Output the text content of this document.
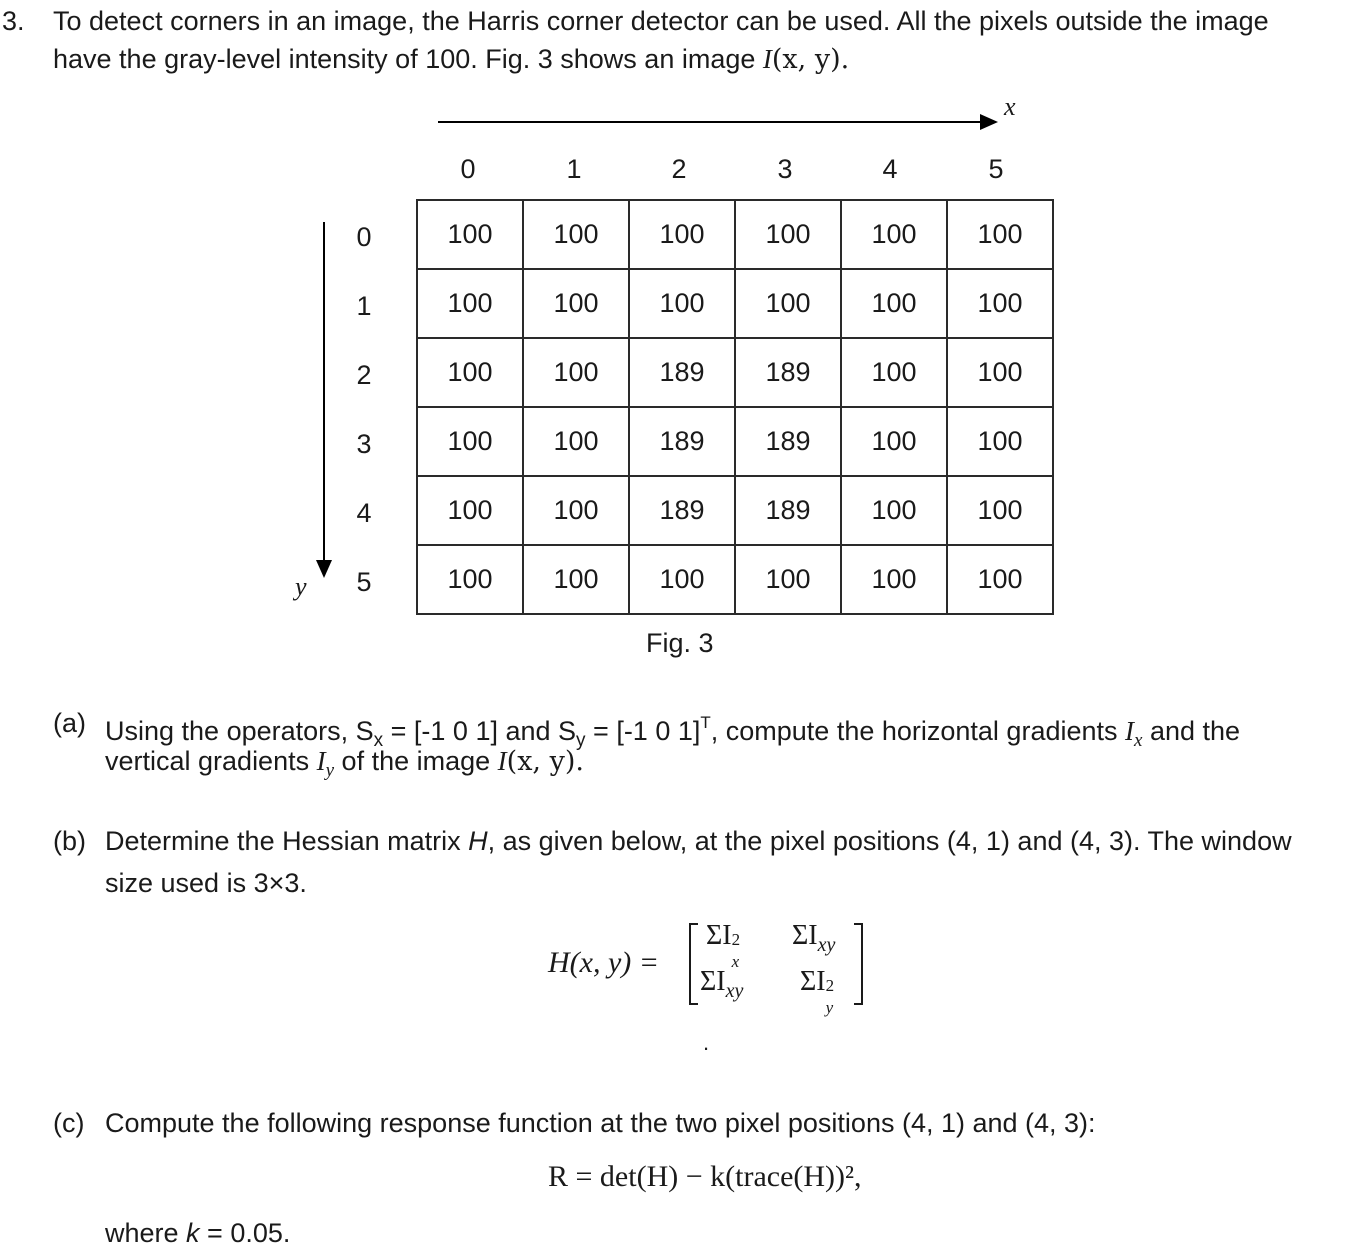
3. To detect corners in an image, the Harris corner detector can be used. All the pixels outside the image
have the gray-level intensity of 100. Fig. 3 shows an image I(x, y).
x
y
0	1	2	3	4	5
0
1
2
3
4
5
100	100	100	100	100	100
100	100	100	100	100	100
100	100	189	189	100	100
100	100	189	189	100	100
100	100	189	189	100	100
100	100	100	100	100	100
Fig. 3
(a) Using the operators, $S_x = [-1$ 0 1] and $S_y = [-1$ 0 1]$^T$, compute the horizontal gradients $I_x$ and the
vertical gradients $I_y$ of the image I(x, y).
(b) Determine the Hessian matrix H, as given below, at the pixel positions (4, 1) and (4, 3). The window
size used is 3×3.
H(x, y) =
ΣI 2
x
$\Sigma I_{xy}$
$\Sigma I_{xy}$ ΣI 2
y
.
(c) Compute the following response function at the two pixel positions (4, 1) and (4, 3):
R = det(H) − k(trace(H))²,
where k = 0.05.
